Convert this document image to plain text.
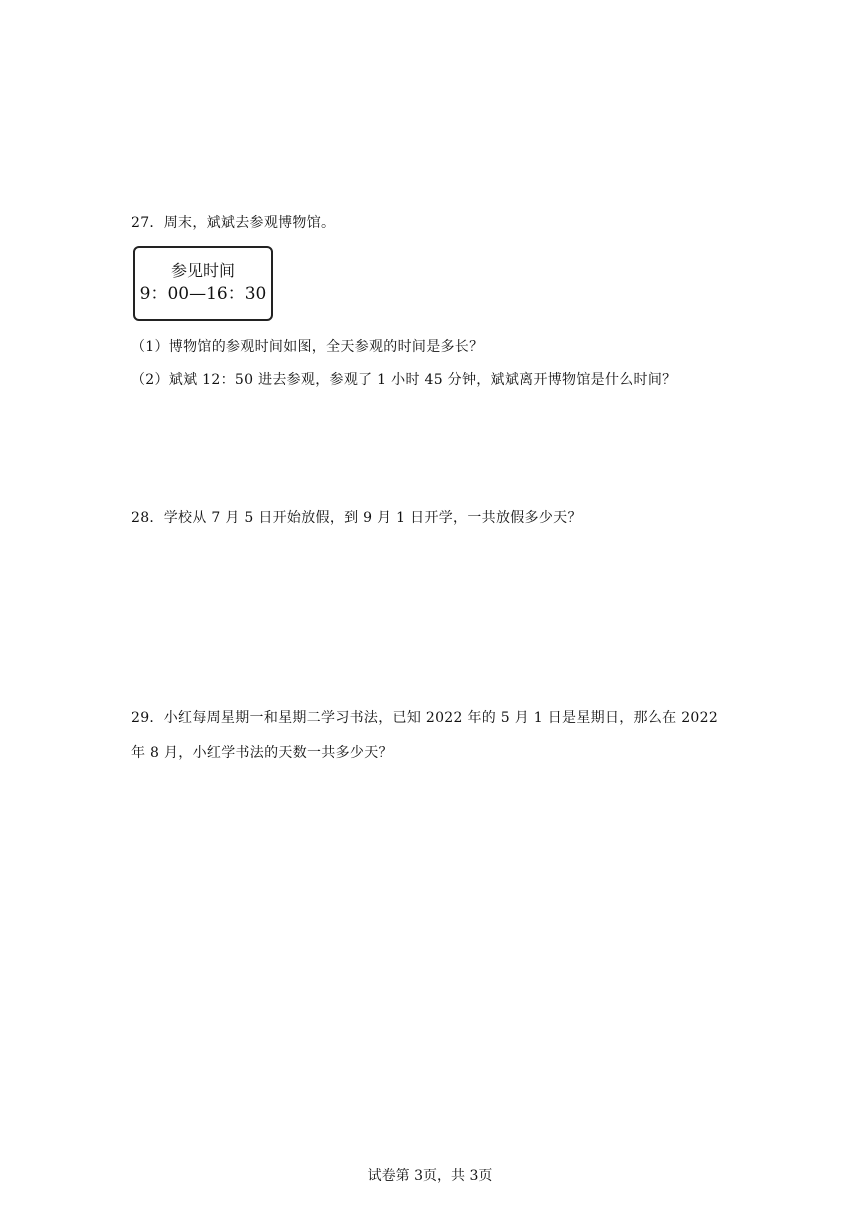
27．周末，斌斌去参观博物馆。
参见时间
9：00—16：30
（1）博物馆的参观时间如图，全天参观的时间是多长？
（2）斌斌 12：50 进去参观，参观了 1 小时 45 分钟，斌斌离开博物馆是什么时间？
28．学校从 7 月 5 日开始放假，到 9 月 1 日开学，一共放假多少天？
29．小红每周星期一和星期二学习书法，已知 2022 年的 5 月 1 日是星期日，那么在 2022
年 8 月，小红学书法的天数一共多少天？
试卷第 3页，共 3页
